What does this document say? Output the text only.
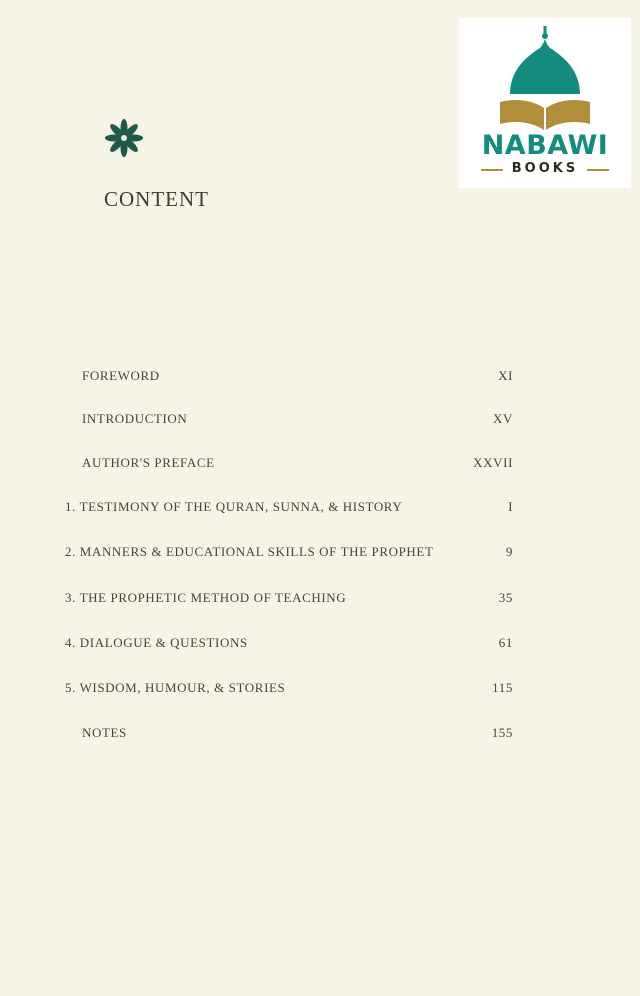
CONTENT
FOREWORD	XI
INTRODUCTION	XV
AUTHOR'S PREFACE	XXVII
1. TESTIMONY OF THE QURAN, SUNNA, & HISTORY	I
2. MANNERS & EDUCATIONAL SKILLS OF THE PROPHET	9
3. THE PROPHETIC METHOD OF TEACHING	35
4. DIALOGUE & QUESTIONS	61
5. WISDOM, HUMOUR, & STORIES	115
NOTES	155
NABAWI
BOOKS
